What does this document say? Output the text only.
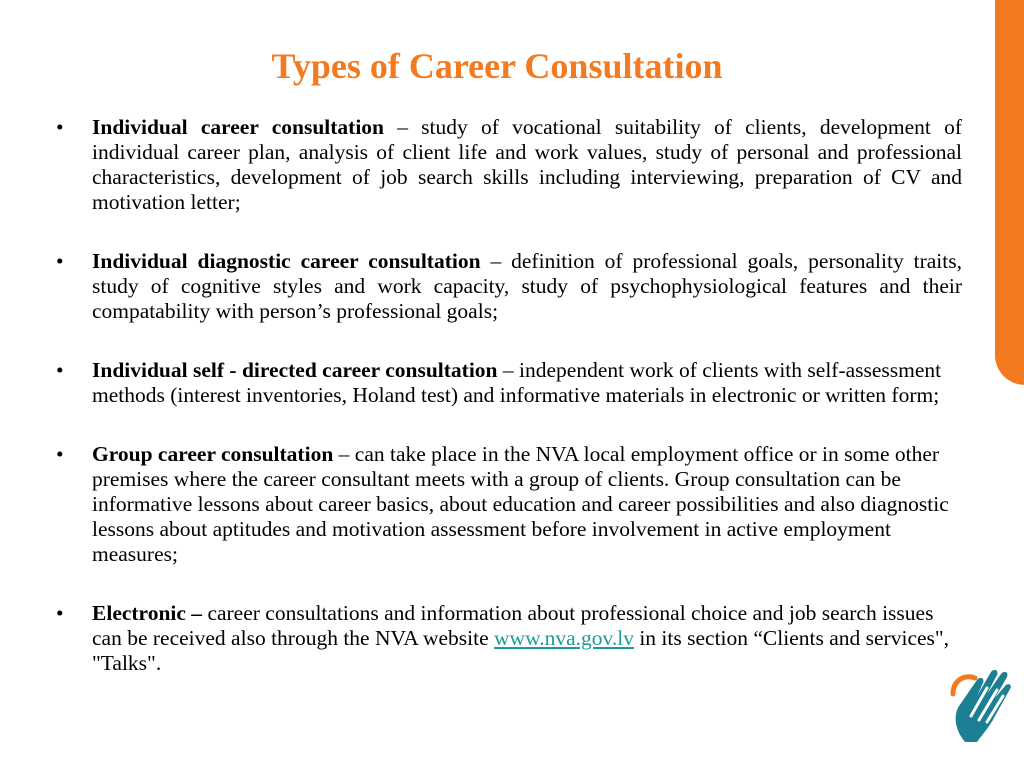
Types of Career Consultation
• Individual career consultation – study of vocational suitability of clients, development of individual career plan, analysis of client life and work values, study of personal and professional characteristics, development of job search skills including interviewing, preparation of CV and motivation letter;
• Individual diagnostic career consultation – definition of professional goals, personality traits, study of cognitive styles and work capacity, study of psychophysiological features and their compatability with person’s professional goals;
• Individual self - directed career consultation – independent work of clients with self-assessment methods (interest inventories, Holand test) and informative materials in electronic or written form;
• Group career consultation – can take place in the NVA local employment office or in some other premises where the career consultant meets with a group of clients. Group consultation can be informative lessons about career basics, about education and career possibilities and also diagnostic lessons about aptitudes and motivation assessment before involvement in active employment measures;
• Electronic – career consultations and information about professional choice and job search issues can be received also through the NVA website www.nva.gov.lv in its section “Clients and services", "Talks".
